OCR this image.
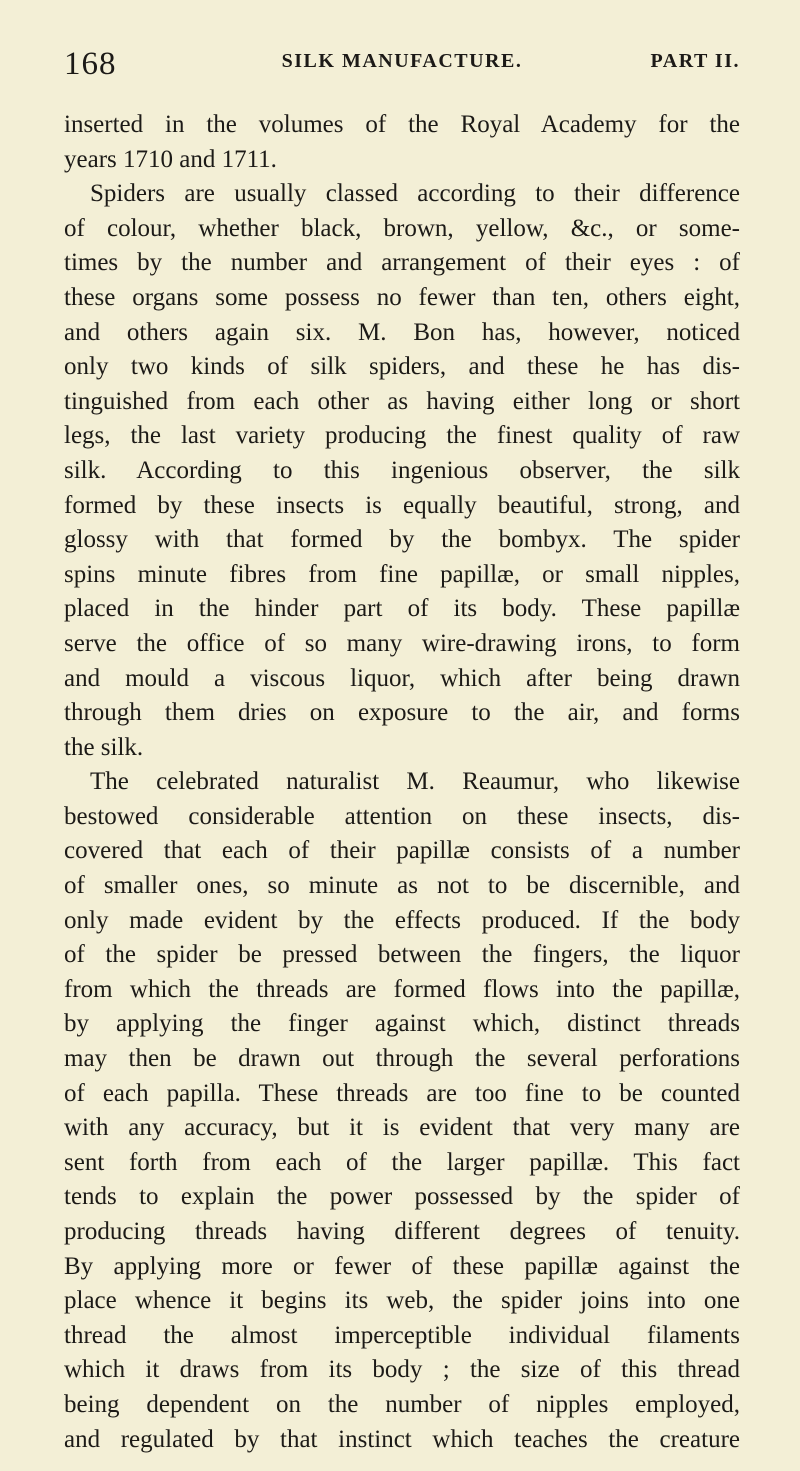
168	SILK MANUFACTURE.	PART II.
inserted in the volumes of the Royal Academy for the
years 1710 and 1711.
Spiders are usually classed according to their difference
of colour, whether black, brown, yellow, &c., or some-
times by the number and arrangement of their eyes : of
these organs some possess no fewer than ten, others eight,
and others again six. M. Bon has, however, noticed
only two kinds of silk spiders, and these he has dis-
tinguished from each other as having either long or short
legs, the last variety producing the finest quality of raw
silk. According to this ingenious observer, the silk
formed by these insects is equally beautiful, strong, and
glossy with that formed by the bombyx. The spider
spins minute fibres from fine papillæ, or small nipples,
placed in the hinder part of its body. These papillæ
serve the office of so many wire-drawing irons, to form
and mould a viscous liquor, which after being drawn
through them dries on exposure to the air, and forms
the silk.
The celebrated naturalist M. Reaumur, who likewise
bestowed considerable attention on these insects, dis-
covered that each of their papillæ consists of a number
of smaller ones, so minute as not to be discernible, and
only made evident by the effects produced. If the body
of the spider be pressed between the fingers, the liquor
from which the threads are formed flows into the papillæ,
by applying the finger against which, distinct threads
may then be drawn out through the several perforations
of each papilla. These threads are too fine to be counted
with any accuracy, but it is evident that very many are
sent forth from each of the larger papillæ. This fact
tends to explain the power possessed by the spider of
producing threads having different degrees of tenuity.
By applying more or fewer of these papillæ against the
place whence it begins its web, the spider joins into one
thread the almost imperceptible individual filaments
which it draws from its body ; the size of this thread
being dependent on the number of nipples employed,
and regulated by that instinct which teaches the creature
